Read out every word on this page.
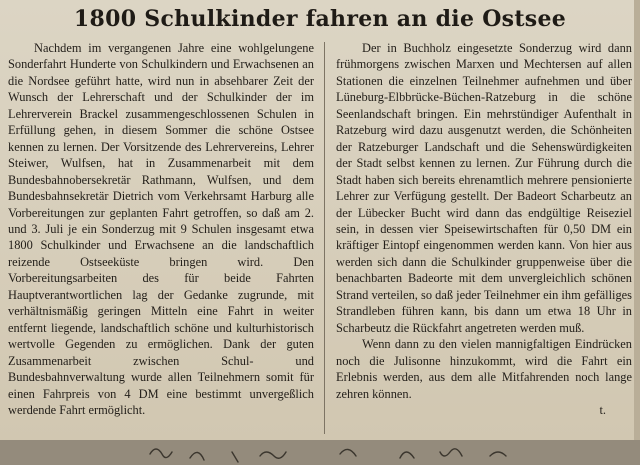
1800 Schulkinder fahren an die Ostsee

Nachdem im vergangenen Jahre eine wohlgelungene Sonderfahrt Hunderte von Schulkindern und Erwachsenen an die Nordsee geführt hatte, wird nun in absehbarer Zeit der Wunsch der Lehrerschaft und der Schulkinder der im Lehrerverein Brackel zusammengeschlossenen Schulen in Erfüllung gehen, in diesem Sommer die schöne Ostsee kennen zu lernen. Der Vorsitzende des Lehrervereins, Lehrer Steiwer, Wulfsen, hat in Zusammenarbeit mit dem Bundesbahnobersekretär Rathmann, Wulfsen, und dem Bundesbahnsekretär Dietrich vom Verkehrsamt Harburg alle Vorbereitungen zur geplanten Fahrt getroffen, so daß am 2. und 3. Juli je ein Sonderzug mit 9 Schulen insgesamt etwa 1800 Schulkinder und Erwachsene an die landschaftlich reizende Ostseeküste bringen wird. Den Vorbereitungsarbeiten des für beide Fahrten Hauptverantwortlichen lag der Gedanke zugrunde, mit verhältnismäßig geringen Mitteln eine Fahrt in weiter entfernt liegende, landschaftlich schöne und kulturhistorisch wertvolle Gegenden zu ermöglichen. Dank der guten Zusammenarbeit zwischen Schul- und Bundesbahnverwaltung wurde allen Teilnehmern somit für einen Fahrpreis von 4 DM eine bestimmt unvergeßlich werdende Fahrt ermöglicht.

Der in Buchholz eingesetzte Sonderzug wird dann frühmorgens zwischen Marxen und Mechtersen auf allen Stationen die einzelnen Teilnehmer aufnehmen und über Lüneburg-Elbbrücke-Büchen-Ratzeburg in die schöne Seenlandschaft bringen. Ein mehrstündiger Aufenthalt in Ratzeburg wird dazu ausgenutzt werden, die Schönheiten der Ratzeburger Landschaft und die Sehenswürdigkeiten der Stadt selbst kennen zu lernen. Zur Führung durch die Stadt haben sich bereits ehrenamtlich mehrere pensionierte Lehrer zur Verfügung gestellt. Der Badeort Scharbeutz an der Lübecker Bucht wird dann das endgültige Reiseziel sein, in dessen vier Speisewirtschaften für 0,50 DM ein kräftiger Eintopf eingenommen werden kann. Von hier aus werden sich dann die Schulkinder gruppenweise über die benachbarten Badeorte mit dem unvergleichlich schönen Strand verteilen, so daß jeder Teilnehmer ein ihm gefälliges Strandleben führen kann, bis dann um etwa 18 Uhr in Scharbeutz die Rückfahrt angetreten werden muß.

Wenn dann zu den vielen mannigfaltigen Eindrücken noch die Julisonne hinzukommt, wird die Fahrt ein Erlebnis werden, aus dem alle Mitfahrenden noch lange zehren können.

t.
